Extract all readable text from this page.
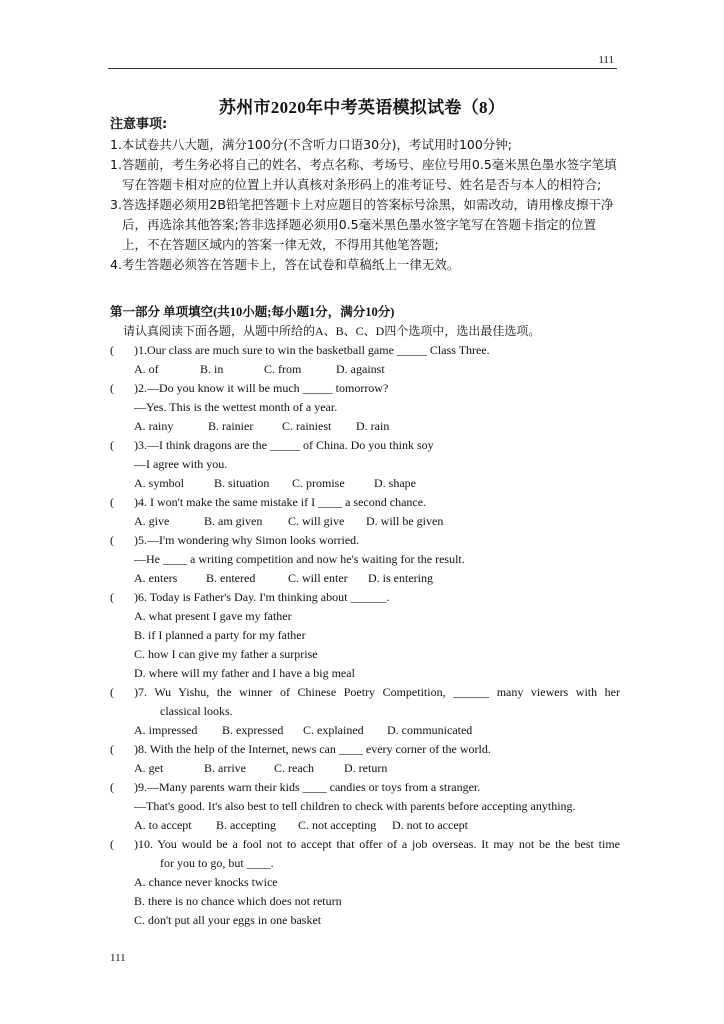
111
苏州市2020年中考英语模拟试卷（8）
注意事项:
1.本试卷共八大题，满分100分(不含听力口语30分)，考试用时100分钟;
1.答题前，考生务必将自己的姓名、考点名称、考场号、座位号用0.5毫米黑色墨水签字笔填写在答题卡相对应的位置上并认真核对条形码上的准考证号、姓名是否与本人的相符合;
3.答选择题必须用2B铅笔把答题卡上对应题目的答案标号涂黑，如需改动，请用橡皮擦干净后，再选涂其他答案;答非选择题必须用0.5毫米黑色墨水签字笔写在答题卡指定的位置上，不在答题区域内的答案一律无效，不得用其他笔答题;
4.考生答题必须答在答题卡上，答在试卷和草稿纸上一律无效。
第一部分 单项填空(共10小题;每小题1分，满分10分)
请认真阅读下面各题，从题中所给的A、B、C、D四个选项中，选出最佳选项。
( )1.Our class are much sure to win the basketball game _____ Class Three.
A. of	B. in	C. from	D. against
( )2.—Do you know it will be much _____ tomorrow?
—Yes. This is the wettest month of a year.
A. rainy	B. rainier C. rainiest D. rain
( )3.—I think dragons are the _____ of China. Do you think soy
—I agree with you.
A. symbol B. situation C. promise D. shape
( )4. I won't make the same mistake if I ____ a second chance.
A. give	B. am given C. will give D. will be given
( )5.—I'm wondering why Simon looks worried.
—He ____ a writing competition and now he's waiting for the result.
A. enters B. entered	C. will enter D. is entering
( )6. Today is Father's Day. I'm thinking about ______.
A. what present I gave my father
B. if I planned a party for my father
C. how I can give my father a surprise
D. where will my father and I have a big meal
( )7. Wu Yishu, the winner of Chinese Poetry Competition, ______ many viewers with her
classical looks.
A. impressed B. expressed C. explained D. communicated
( )8. With the help of the Internet, news can ____ every corner of the world.
A. get	B. arrive C. reach	D. return
( )9.—Many parents warn their kids ____ candies or toys from a stranger.
—That's good. It's also best to tell children to check with parents before accepting anything.
A. to accept B. accepting C. not accepting D. not to accept
( )10. You would be a fool not to accept that offer of a job overseas. It may not be the best time
for you to go, but ____.
A. chance never knocks twice
B. there is no chance which does not return
C. don't put all your eggs in one basket
111
